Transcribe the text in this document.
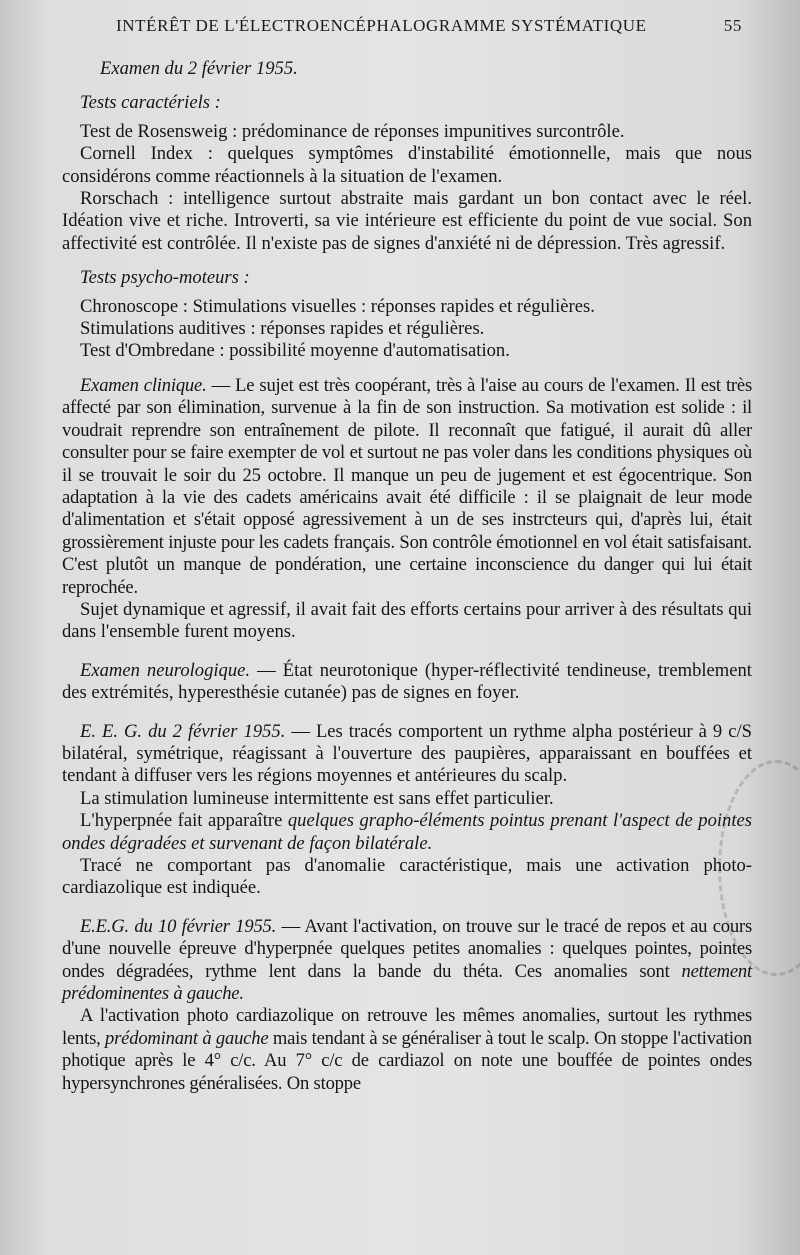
INTÉRÊT DE L'ÉLECTROENCÉPHALOGRAMME SYSTÉMATIQUE	55

Examen du 2 février 1955.

Tests caractériels :

Test de Rosensweig : prédominance de réponses impunitives surcontrôle.

Cornell Index : quelques symptômes d'instabilité émotionnelle, mais que nous considérons comme réactionnels à la situation de l'examen.

Rorschach : intelligence surtout abstraite mais gardant un bon contact avec le réel. Idéation vive et riche. Introverti, sa vie intérieure est efficiente du point de vue social. Son affectivité est contrôlée. Il n'existe pas de signes d'anxiété ni de dépression. Très agressif.

Tests psycho-moteurs :

Chronoscope : Stimulations visuelles : réponses rapides et régulières.

Stimulations auditives : réponses rapides et régulières.

Test d'Ombredane : possibilité moyenne d'automatisation.

Examen clinique. — Le sujet est très coopérant, très à l'aise au cours de l'examen. Il est très affecté par son élimination, survenue à la fin de son instruction. Sa motivation est solide : il voudrait reprendre son entraînement de pilote. Il reconnaît que fatigué, il aurait dû aller consulter pour se faire exempter de vol et surtout ne pas voler dans les conditions physiques où il se trouvait le soir du 25 octobre. Il manque un peu de jugement et est égocentrique. Son adaptation à la vie des cadets américains avait été difficile : il se plaignait de leur mode d'alimentation et s'était opposé agressivement à un de ses instrcteurs qui, d'après lui, était grossièrement injuste pour les cadets français. Son contrôle émotionnel en vol était satisfaisant. C'est plutôt un manque de pondération, une certaine inconscience du danger qui lui était reprochée.

Sujet dynamique et agressif, il avait fait des efforts certains pour arriver à des résultats qui dans l'ensemble furent moyens.

Examen neurologique. — État neurotonique (hyper-réflectivité tendineuse, tremblement des extrémités, hyperesthésie cutanée) pas de signes en foyer.

E. E. G. du 2 février 1955. — Les tracés comportent un rythme alpha postérieur à 9 c/S bilatéral, symétrique, réagissant à l'ouverture des paupières, apparaissant en bouffées et tendant à diffuser vers les régions moyennes et antérieures du scalp.

La stimulation lumineuse intermittente est sans effet particulier.

L'hyperpnée fait apparaître quelques grapho-éléments pointus prenant l'aspect de pointes ondes dégradées et survenant de façon bilatérale.

Tracé ne comportant pas d'anomalie caractéristique, mais une activation photo-cardiazolique est indiquée.

E.E.G. du 10 février 1955. — Avant l'activation, on trouve sur le tracé de repos et au cours d'une nouvelle épreuve d'hyperpnée quelques petites anomalies : quelques pointes, pointes ondes dégradées, rythme lent dans la bande du théta. Ces anomalies sont nettement prédominentes à gauche.

A l'activation photo cardiazolique on retrouve les mêmes anomalies, surtout les rythmes lents, prédominant à gauche mais tendant à se généraliser à tout le scalp. On stoppe l'activation photique après le 4° c/c. Au 7° c/c de cardiazol on note une bouffée de pointes ondes hypersynchrones généralisées. On stoppe
